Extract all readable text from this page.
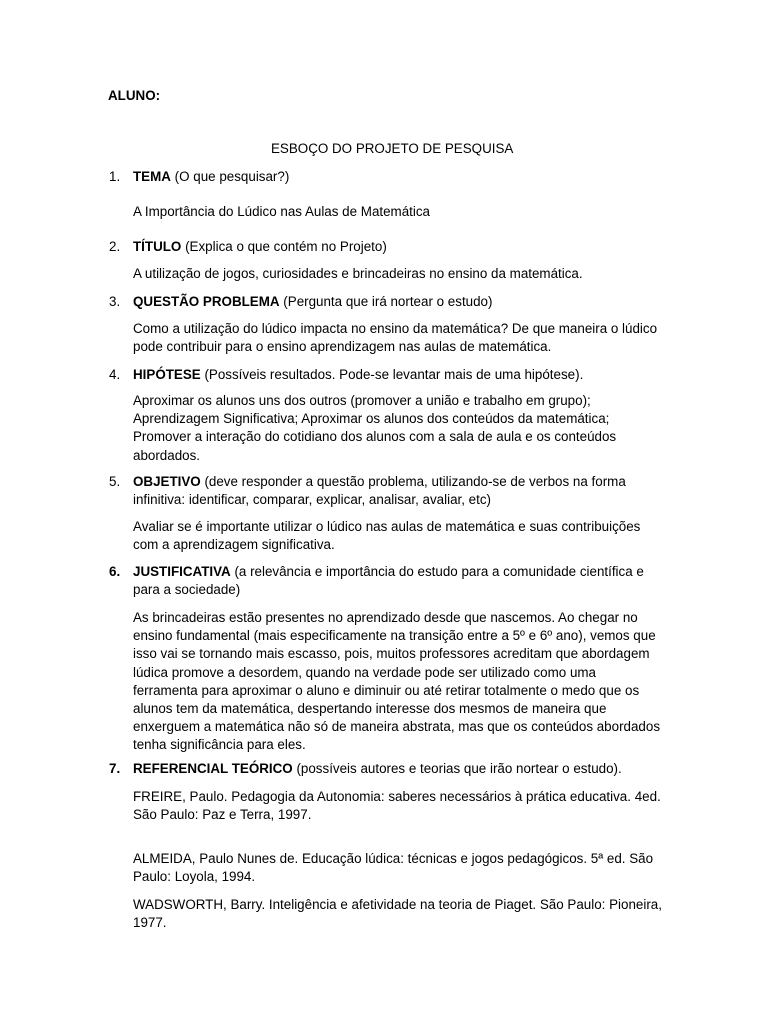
ALUNO:
ESBOÇO DO PROJETO DE PESQUISA
1. TEMA (O que pesquisar?)
A Importância do Lúdico nas Aulas de Matemática
2. TÍTULO (Explica o que contém no Projeto)
A utilização de jogos, curiosidades e brincadeiras no ensino da matemática.
3. QUESTÃO PROBLEMA (Pergunta que irá nortear o estudo)
Como a utilização do lúdico impacta no ensino da matemática? De que maneira o lúdico pode contribuir para o ensino aprendizagem nas aulas de matemática.
4. HIPÓTESE (Possíveis resultados. Pode-se levantar mais de uma hipótese).
Aproximar os alunos uns dos outros (promover a união e trabalho em grupo); Aprendizagem Significativa; Aproximar os alunos dos conteúdos da matemática; Promover a interação do cotidiano dos alunos com a sala de aula e os conteúdos abordados.
5. OBJETIVO (deve responder a questão problema, utilizando-se de verbos na forma infinitiva: identificar, comparar, explicar, analisar, avaliar, etc)
Avaliar se é importante utilizar o lúdico nas aulas de matemática e suas contribuições com a aprendizagem significativa.
6. JUSTIFICATIVA (a relevância e importância do estudo para a comunidade científica e para a sociedade)
As brincadeiras estão presentes no aprendizado desde que nascemos. Ao chegar no ensino fundamental (mais especificamente na transição entre a 5º e 6º ano), vemos que isso vai se tornando mais escasso, pois, muitos professores acreditam que abordagem lúdica promove a desordem, quando na verdade pode ser utilizado como uma ferramenta para aproximar o aluno e diminuir ou até retirar totalmente o medo que os alunos tem da matemática, despertando interesse dos mesmos de maneira que enxerguem a matemática não só de maneira abstrata, mas que os conteúdos abordados tenha significância para eles.
7. REFERENCIAL TEÓRICO (possíveis autores e teorias que irão nortear o estudo).
FREIRE, Paulo. Pedagogia da Autonomia: saberes necessários à prática educativa. 4ed. São Paulo: Paz e Terra, 1997.
ALMEIDA, Paulo Nunes de. Educação lúdica: técnicas e jogos pedagógicos. 5ª ed. São Paulo: Loyola, 1994.
WADSWORTH, Barry. Inteligência e afetividade na teoria de Piaget. São Paulo: Pioneira, 1977.
